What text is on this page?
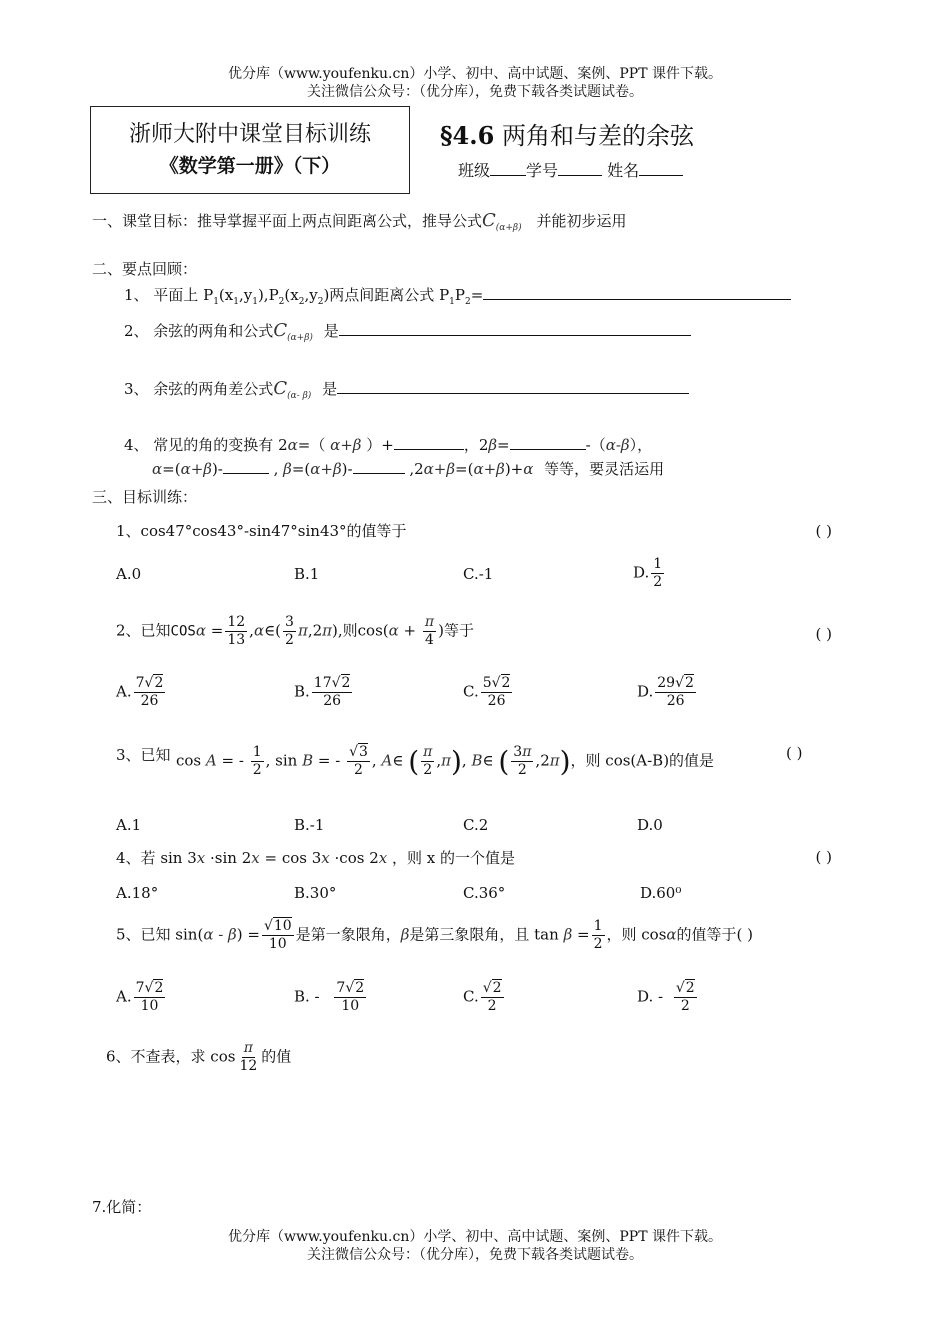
优分库（www.youfenku.cn）小学、初中、高中试题、案例、PPT 课件下载。
关注微信公众号：（优分库），免费下载各类试题试卷。
浙师大附中课堂目标训练
《数学第一册》（下）
§4.6 两角和与差的余弦
班级 学号	姓名
一、课堂目标：推导掌握平面上两点间距离公式，推导公式$C_{(\alpha+\beta)}$ 并能初步运用
二、要点回顾：
1、 平面上 $P_1(x_1,y_1),P_2(x_2,y_2)$两点间距离公式 $P_1P_2=$
2、 余弦的两角和公式$C_{(\alpha+\beta)}$ 是
3、 余弦的两角差公式$C_{(\alpha- \beta)}$ 是
4、 常见的角的变换有 2α=（ α+β ）+	，2β=	-（α-β），
α=(α+β)-	, β=(α+β)-	,2α+β=(α+β)+α 等等，要灵活运用
三、目标训练：
1、cos47°cos43°-sin47°sin43°的值等于	( )
A.0	B.1	C.-1	D. $\frac{1}{2}$
2、已知$COS\alpha = \frac{12}{13}$ ,α∈( $\frac{3}{2} \pi,2\pi$),则$\cos(\alpha + \frac{\pi}{4}$ )等于	( )
A. $\frac{7√2}{26}$	B. $\frac{17√2}{26}$	C. $\frac{5√2}{26}$	D. $\frac{29√2}{26}$
3、已知 cos A = - $\frac{1}{2}$ , sin B = - $\frac{√3}{2}$ , A∈ ( $\frac{\pi}{2} ,\pi$), B∈ ( $\frac{3\pi}{2} ,2\pi$)，则 cos(A-B)的值是	( )
A.1	B.-1	C.2	D.0
4、若 sin 3x ·sin 2x = cos 3x ·cos 2x ，则 x 的一个值是	( )
A.18°	B.30°	C.36°	D.60⁰
5、已知 $\sin(\alpha - \beta) = \frac{√10}{10}$ 是第一象限角，β是第三象限角，且 $\tan \beta = \frac{1}{2}$ ，则 cosα的值等于( )
A. $\frac{7√2}{10}$	B. - $\frac{7√2}{10}$	C. $\frac{√2}{2}$	D. - $\frac{√2}{2}$
6、不查表，求 $\cos \frac{\pi}{12}$ 的值
7.化简：
优分库（www.youfenku.cn）小学、初中、高中试题、案例、PPT 课件下载。
关注微信公众号：（优分库），免费下载各类试题试卷。
